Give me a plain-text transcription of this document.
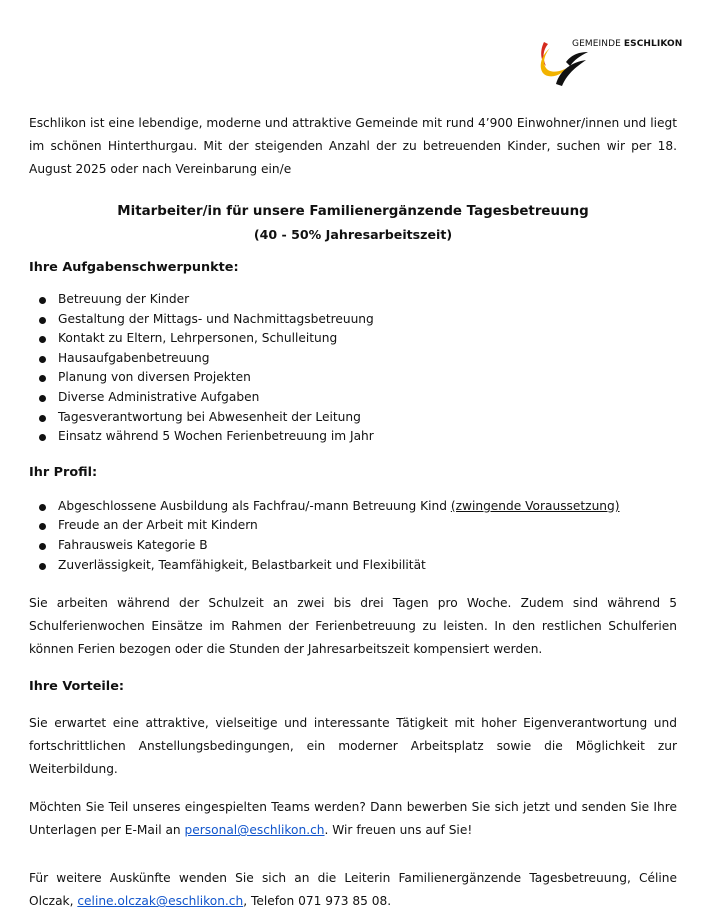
GEMEINDE ESCHLIKON

Eschlikon ist eine lebendige, moderne und attraktive Gemeinde mit rund 4’900 Einwohner/innen und liegt im schönen Hinterthurgau. Mit der steigenden Anzahl der zu betreuenden Kinder, suchen wir per 18. August 2025 oder nach Vereinbarung ein/e

Mitarbeiter/in für unsere Familienergänzende Tagesbetreuung

(40 - 50% Jahresarbeitszeit)

Ihre Aufgabenschwerpunkte:

Betreuung der Kinder
Gestaltung der Mittags- und Nachmittagsbetreuung
Kontakt zu Eltern, Lehrpersonen, Schulleitung
Hausaufgabenbetreuung
Planung von diversen Projekten
Diverse Administrative Aufgaben
Tagesverantwortung bei Abwesenheit der Leitung
Einsatz während 5 Wochen Ferienbetreuung im Jahr

Ihr Profil:

Abgeschlossene Ausbildung als Fachfrau/-mann Betreuung Kind (zwingende Voraussetzung)
Freude an der Arbeit mit Kindern
Fahrausweis Kategorie B
Zuverlässigkeit, Teamfähigkeit, Belastbarkeit und Flexibilität

Sie arbeiten während der Schulzeit an zwei bis drei Tagen pro Woche. Zudem sind während 5 Schulferienwochen Einsätze im Rahmen der Ferienbetreuung zu leisten. In den restlichen Schulferien können Ferien bezogen oder die Stunden der Jahresarbeitszeit kompensiert werden.

Ihre Vorteile:

Sie erwartet eine attraktive, vielseitige und interessante Tätigkeit mit hoher Eigenverantwortung und fortschrittlichen Anstellungsbedingungen, ein moderner Arbeitsplatz sowie die Möglichkeit zur Weiterbildung.

Möchten Sie Teil unseres eingespielten Teams werden? Dann bewerben Sie sich jetzt und senden Sie Ihre Unterlagen per E-Mail an personal@eschlikon.ch. Wir freuen uns auf Sie!

Für weitere Auskünfte wenden Sie sich an die Leiterin Familienergänzende Tagesbetreuung, Céline Olczak, celine.olczak@eschlikon.ch, Telefon 071 973 85 08.
